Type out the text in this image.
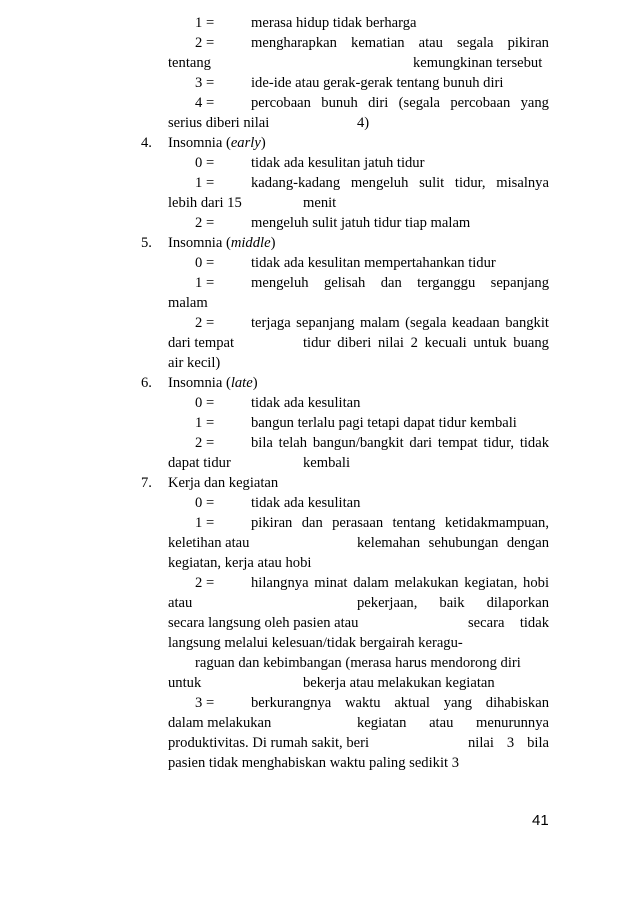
1 =	merasa hidup tidak berharga
2 =	mengharapkan kematian atau segala pikiran
tentang	kemungkinan tersebut
3 =	ide-ide atau gerak-gerak tentang bunuh diri
4 =	percobaan bunuh diri (segala percobaan yang
serius diberi nilai	4)
4. Insomnia (early)
0 =	tidak ada kesulitan jatuh tidur
1 =	kadang-kadang mengeluh sulit tidur, misalnya
lebih dari 15	menit
2 =	mengeluh sulit jatuh tidur tiap malam
5. Insomnia (middle)
0 =	tidak ada kesulitan mempertahankan tidur
1 =	mengeluh gelisah dan terganggu sepanjang
malam
2 =	terjaga sepanjang malam (segala keadaan bangkit
dari tempat	tidur diberi nilai 2 kecuali untuk buang
air kecil)
6. Insomnia (late)
0 =	tidak ada kesulitan
1 =	bangun terlalu pagi tetapi dapat tidur kembali
2 =	bila telah bangun/bangkit dari tempat tidur, tidak
dapat tidur	kembali
7. Kerja dan kegiatan
0 =	tidak ada kesulitan
1 =	pikiran dan perasaan tentang ketidakmampuan,
keletihan atau	kelemahan sehubungan dengan
kegiatan, kerja atau hobi
2 =	hilangnya minat dalam melakukan kegiatan, hobi
atau	pekerjaan, baik dilaporkan
secara langsung oleh pasien atau	secara tidak
langsung melalui kelesuan/tidak bergairah keragu-
raguan dan kebimbangan (merasa harus mendorong diri
untuk	bekerja atau melakukan kegiatan
3 =	berkurangnya waktu aktual yang dihabiskan
dalam melakukan	kegiatan atau menurunnya
produktivitas. Di rumah sakit, beri	nilai 3 bila
pasien tidak menghabiskan waktu paling sedikit 3
41
